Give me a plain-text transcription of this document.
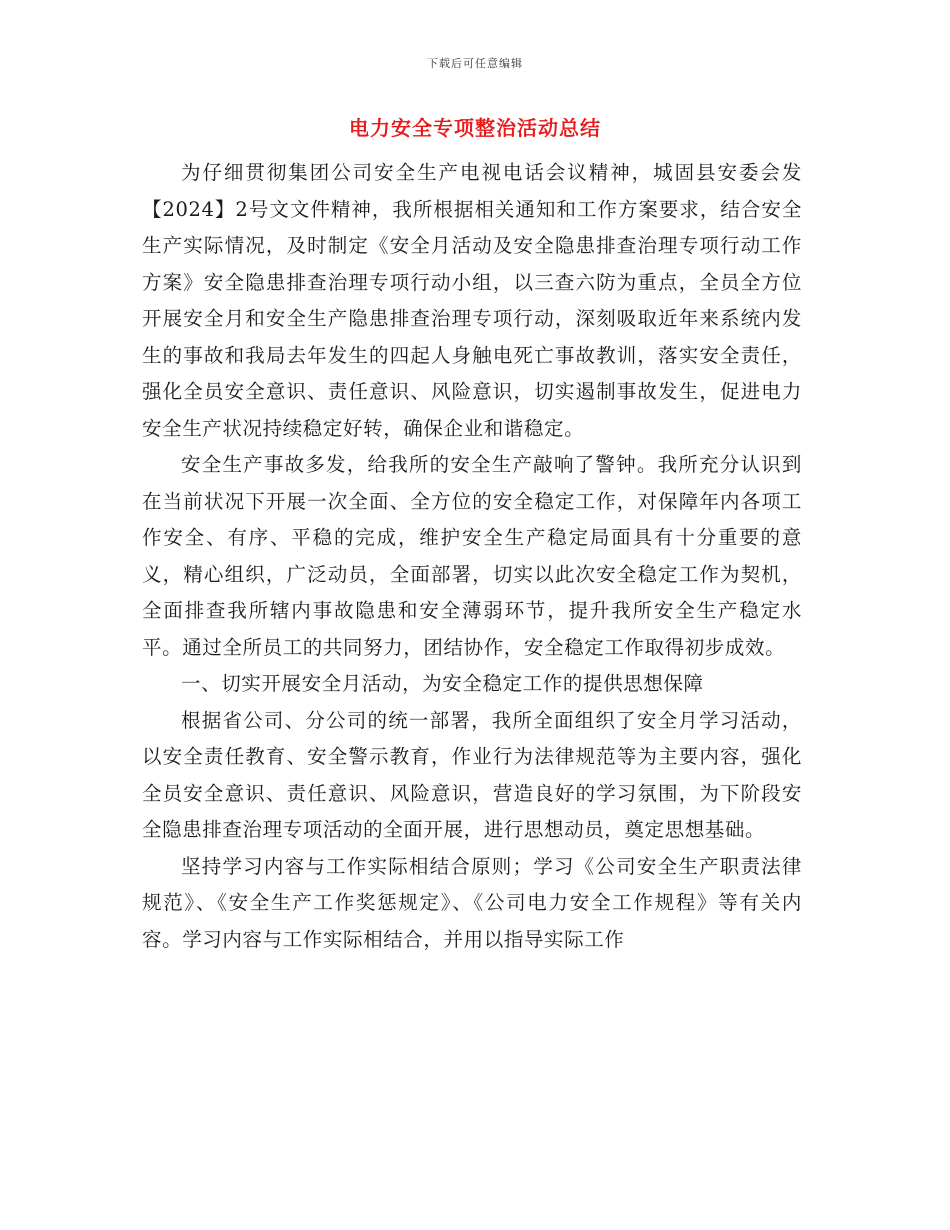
下载后可任意编辑
电力安全专项整治活动总结

为仔细贯彻集团公司安全生产电视电话会议精神，城固县安委会发【2024】2号文文件精神，我所根据相关通知和工作方案要求，结合安全生产实际情况，及时制定《安全月活动及安全隐患排查治理专项行动工作方案》安全隐患排查治理专项行动小组，以三查六防为重点，全员全方位开展安全月和安全生产隐患排查治理专项行动，深刻吸取近年来系统内发生的事故和我局去年发生的四起人身触电死亡事故教训，落实安全责任，强化全员安全意识、责任意识、风险意识，切实遏制事故发生，促进电力安全生产状况持续稳定好转，确保企业和谐稳定。

安全生产事故多发，给我所的安全生产敲响了警钟。我所充分认识到在当前状况下开展一次全面、全方位的安全稳定工作，对保障年内各项工作安全、有序、平稳的完成，维护安全生产稳定局面具有十分重要的意义，精心组织，广泛动员，全面部署，切实以此次安全稳定工作为契机，全面排查我所辖内事故隐患和安全薄弱环节，提升我所安全生产稳定水平。通过全所员工的共同努力，团结协作，安全稳定工作取得初步成效。

一、切实开展安全月活动，为安全稳定工作的提供思想保障

根据省公司、分公司的统一部署，我所全面组织了安全月学习活动，以安全责任教育、安全警示教育，作业行为法律规范等为主要内容，强化全员安全意识、责任意识、风险意识，营造良好的学习氛围，为下阶段安全隐患排查治理专项活动的全面开展，进行思想动员，奠定思想基础。

坚持学习内容与工作实际相结合原则；学习《公司安全生产职责法律规范》、《安全生产工作奖惩规定》、《公司电力安全工作规程》等有关内容。学习内容与工作实际相结合，并用以指导实际工作
